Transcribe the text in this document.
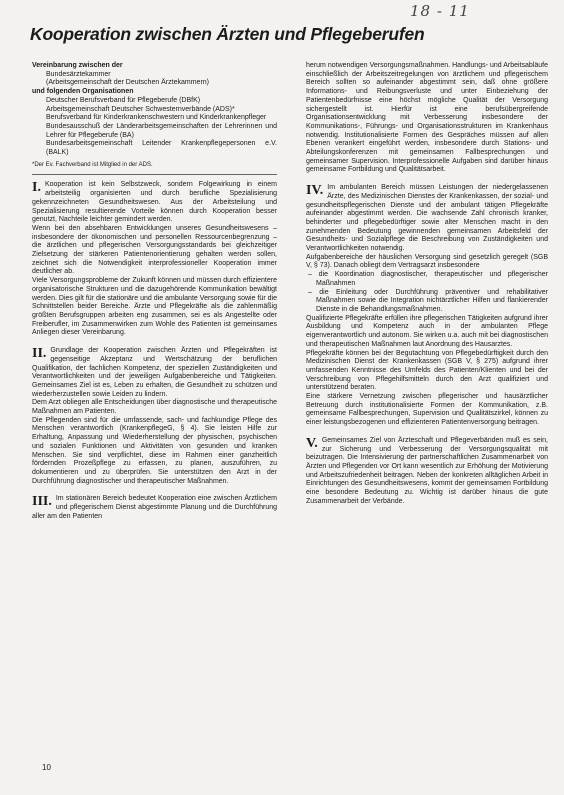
18 - 11
Kooperation zwischen Ärzten und Pflegeberufen

Vereinbarung zwischen der

Bundesärztekammer

(Arbeitsgemeinschaft der Deutschen Ärztekammern)

und folgenden Organisationen

Deutscher Berufsverband für Pflegeberufe (DBfK)

Arbeitsgemeinschaft Deutscher Schwesternverbände (ADS)*

Berufsverband für Kinderkrankenschwestern und Kinderkrankenpfleger

Bundesausschuß der Länderarbeitsgemeinschaften der Lehrerinnen und Lehrer für Pflegeberufe (BA)

Bundesarbeitsgemeinschaft Leitender Krankenpflegepersonen e.V. (BALK)

*Der Ev. Fachverband ist Mitglied in der ADS.

I. Kooperation ist kein Selbstzweck, sondern Folgewirkung in einem arbeitsteilig organisierten und durch berufliche Spezialisierung gekennzeichneten Gesundheitswesen. Aus der Arbeitsteilung und Spezialisierung resultierende Vorteile können durch Kooperation besser genutzt, Nachteile leichter gemindert werden.

Wenn bei den absehbaren Entwicklungen unseres Gesundheitswesens – insbesondere der ökonomischen und personellen Ressourcenbegrenzung – die ärztlichen und pflegerischen Versorgungsstandards bei gleichzeitiger Zielsetzung der stärkeren Patientenorientierung gehalten werden sollen, zeichnet sich die Notwendigkeit interprofessioneller Kooperation immer deutlicher ab.

Viele Versorgungsprobleme der Zukunft können und müssen durch effizientere organisatorische Strukturen und die dazugehörende Kommunikation bewältigt werden. Dies gilt für die stationäre und die ambulante Versorgung sowie für die Schnittstellen beider Bereiche. Ärzte und Pflegekräfte als die zahlenmäßig größten Berufsgruppen arbeiten eng zusammen, sei es als Angestellte oder Freiberufler, im Zusammenwirken zum Wohle des Patienten ist gemeinsames Anliegen dieser Vereinbarung.

II. Grundlage der Kooperation zwischen Ärzten und Pflegekräften ist gegenseitige Akzeptanz und Wertschätzung der beruflichen Qualifikation, der fachlichen Kompetenz, der speziellen Zuständigkeiten und Verantwortlichkeiten und der jeweiligen Aufgabenbereiche und Tätigkeiten. Gemeinsames Ziel ist es, Leben zu erhalten, die Gesundheit zu schützen und wiederherzustellen sowie Leiden zu lindern.

Dem Arzt obliegen alle Entscheidungen über diagnostische und therapeutische Maßnahmen am Patienten.

Die Pflegenden sind für die umfassende, sach- und fachkundige Pflege des Menschen verantwortlich (KrankenpflegeG, § 4). Sie leisten Hilfe zur Erhaltung, Anpassung und Wiederherstellung der physischen, psychischen und sozialen Funktionen und Aktivitäten von gesunden und kranken Menschen. Sie sind verpflichtet, diese im Rahmen einer ganzheitlich fördernden Prozeßpflege zu erfassen, zu planen, auszuführen, zu dokumentieren und zu überprüfen. Sie unterstützen den Arzt in der Durchführung diagnostischer und therapeutischer Maßnahmen.

III. Im stationären Bereich bedeutet Kooperation eine zwischen Ärztlichem und pflegerischem Dienst abgestimmte Planung und die Durchführung aller am den Patienten

herum notwendigen Versorgungsmaßnahmen. Handlungs- und Arbeitsabläufe einschließlich der Arbeitszeitregelungen von ärztlichem und pflegerischem Bereich sollten so aufeinander abgestimmt sein, daß ohne größere Informations- und Reibungsverluste und unter Einbeziehung der Patientenbedürfnisse eine höchst mögliche Qualität der Versorgung sichergestellt ist. Hierfür ist eine berufsübergreifende Organisationsentwicklung mit Verbesserung insbesondere der Kommunikations-, Führungs- und Organisationsstrukturen im Krankenhaus notwendig. Institutionalisierte Formen des Gespräches müssen auf allen Ebenen verankert eingeführt werden, insbesondere durch Stations- und Abteilungskonferenzen mit gemeinsamen Fallbesprechungen und gemeinsamer Supervision. Interprofessionelle Aufgaben sind darüber hinaus gemeinsame Fortbildung und Qualitätsarbeit.

IV. Im ambulanten Bereich müssen Leistungen der niedergelassenen Ärzte, des Medizinischen Dienstes der Krankenkassen, der sozial- und gesundheitspflegerischen Dienste und der ambulant tätigen Pflegekräfte aufeinander abgestimmt werden. Die wachsende Zahl chronisch kranker, behinderter und pflegebedürftiger sowie alter Menschen macht in den zunehmenden Bedeutung gewinnenden gemeinsamen Arbeitsfeld der Gesundheits- und Sozialpflege die Beschreibung von Zuständigkeiten und Verantwortlichkeiten notwendig.

Aufgabenbereiche der häuslichen Versorgung sind gesetzlich geregelt (SGB V, § 73). Danach obliegt dem Vertragsarzt insbesondere

– die Koordination diagnostischer, therapeutischer und pflegerischer Maßnahmen

– die Einleitung oder Durchführung präventiver und rehabilitativer Maßnahmen sowie die Integration nichtärztlicher Hilfen und flankierender Dienste in die Behandlungsmaßnahmen.

Qualifizierte Pflegekräfte erfüllen ihre pflegerischen Tätigkeiten aufgrund ihrer Ausbildung und Kompetenz auch in der ambulanten Pflege eigenverantwortlich und autonom. Sie wirken u.a. auch mit bei diagnostischen und therapeutischen Maßnahmen laut Anordnung des Hausarztes.

Pflegekräfte können bei der Begutachtung von Pflegebedürftigkeit durch den Medizinischen Dienst der Krankenkassen (SGB V, § 275) aufgrund ihrer umfassenden Kenntnisse des Umfelds des Patienten/Klienten und bei der Verschreibung von Pflegehilfsmitteln durch den Arzt qualifiziert und unterstützend beraten.

Eine stärkere Vernetzung zwischen pflegerischer und hausärztlicher Betreuung durch institutionalisierte Formen der Kommunikation, z.B. gemeinsame Fallbesprechungen, Supervision und Qualitätszirkel, können zu einer leistungsbezogenen und effizienteren Patientenversorgung beitragen.

V. Gemeinsames Ziel von Ärzteschaft und Pflegeverbänden muß es sein, zur Sicherung und Verbesserung der Versorgungsqualität mit beizutragen. Die Intensivierung der partnerschaftlichen Zusammenarbeit von Ärzten und Pflegenden vor Ort kann wesentlich zur Erhöhung der Motivierung und Arbeitszufriedenheit beitragen. Neben der konkreten alltäglichen Arbeit in Einrichtungen des Gesundheitswesens, kommt der gemeinsamen Fortbildung eine besondere Bedeutung zu. Wichtig ist darüber hinaus die gute Zusammenarbeit der Verbände.

10
